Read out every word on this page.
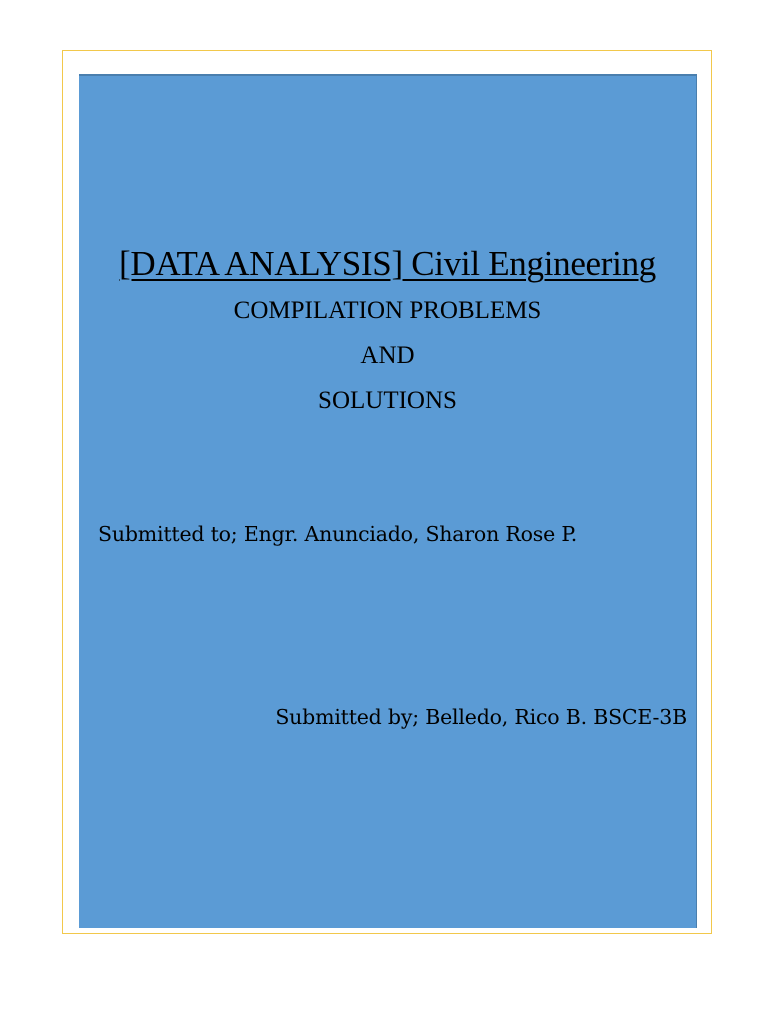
[DATA ANALYSIS] Civil Engineering
COMPILATION PROBLEMS
AND
SOLUTIONS
Submitted to; Engr. Anunciado, Sharon Rose P.
Submitted by; Belledo, Rico B. BSCE-3B
